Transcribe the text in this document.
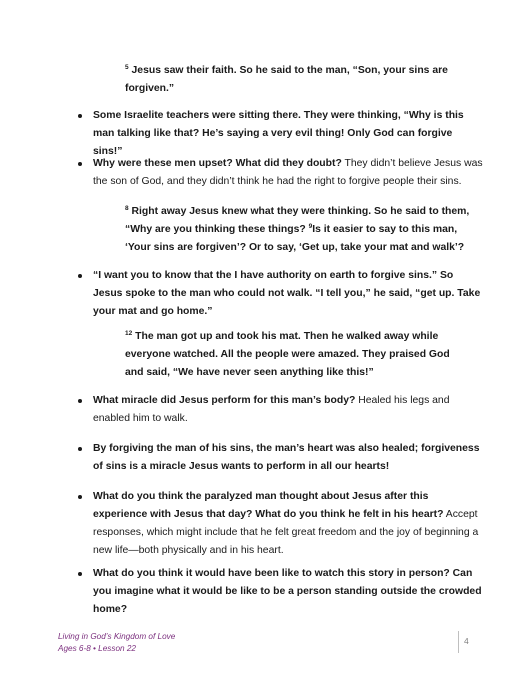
$^5$ Jesus saw their faith. So he said to the man, “Son, your sins are forgiven.”
Some Israelite teachers were sitting there. They were thinking, “Why is this man talking like that? He’s saying a very evil thing! Only God can forgive sins!”
Why were these men upset? What did they doubt? They didn’t believe Jesus was the son of God, and they didn’t think he had the right to forgive people their sins.
$^8$ Right away Jesus knew what they were thinking. So he said to them, “Why are you thinking these things? $^9$Is it easier to say to this man, ‘Your sins are forgiven’? Or to say, ‘Get up, take your mat and walk’?
“I want you to know that the I have authority on earth to forgive sins.” So Jesus spoke to the man who could not walk. “I tell you,” he said, “get up. Take your mat and go home.”
$^{12}$ The man got up and took his mat. Then he walked away while everyone watched. All the people were amazed. They praised God and said, “We have never seen anything like this!”
What miracle did Jesus perform for this man’s body? Healed his legs and enabled him to walk.
By forgiving the man of his sins, the man’s heart was also healed; forgiveness of sins is a miracle Jesus wants to perform in all our hearts!
What do you think the paralyzed man thought about Jesus after this experience with Jesus that day? What do you think he felt in his heart? Accept responses, which might include that he felt great freedom and the joy of beginning a new life—both physically and in his heart.
What do you think it would have been like to watch this story in person? Can you imagine what it would be like to be a person standing outside the crowded home?
Living in God’s Kingdom of Love
Ages 6-8 • Lesson 22
4
